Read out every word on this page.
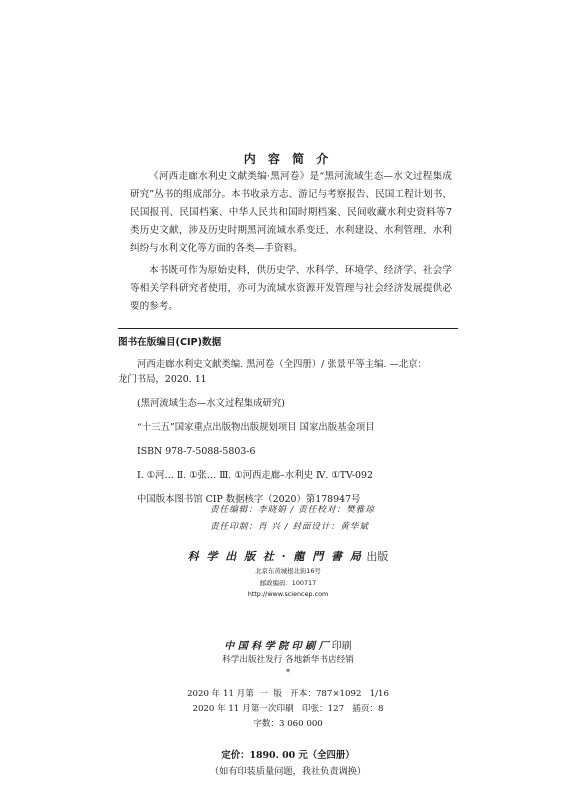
内 容 简 介

《河西走廊水利史文献类编·黑河卷》是“黑河流域生态—水文过程集成研究”丛书的组成部分。本书收录方志、游记与考察报告、民国工程计划书、民国报刊、民国档案、中华人民共和国时期档案、民间收藏水利史资料等7类历史文献，涉及历史时期黑河流域水系变迁、水利建设、水利管理、水利纠纷与水利文化等方面的各类—手资料。

本书既可作为原始史料，供历史学、水科学、环境学、经济学、社会学等相关学科研究者使用，亦可为流域水资源开发管理与社会经济发展提供必要的参考。

图书在版编目(CIP)数据
河西走廊水利史文献类编. 黑河卷（全四册）/ 张景平等主编. —北京：
龙门书局，2020. 11
(黑河流域生态—水文过程集成研究)
“十三五”国家重点出版物出版规划项目 国家出版基金项目
ISBN 978-7-5088-5803-6
Ⅰ. ①河… Ⅱ. ①张… Ⅲ. ①河西走廊–水利史 Ⅳ. ①TV-092
中国版本图书馆 CIP 数据核字（2020）第178947号
责任编辑：李晓娟 / 责任校对：樊雅琼
责任印制：肖 兴 / 封面设计：黄华斌
科 学 出 版 社 · 龍 門 書 局 出版
北京东黄城根北街16号
邮政编码：100717
http://www.sciencep.com
中 国 科 学 院 印 刷 厂 印刷
科学出版社发行 各地新华书店经销
*
2020 年 11 月第  一  版   开本：787×1092   1/16
2020 年 11 月第一次印刷   印张：127   插页：8
字数：3 060 000
定价：1890. 00 元（全四册）
（如有印装质量问题，我社负责调换）
